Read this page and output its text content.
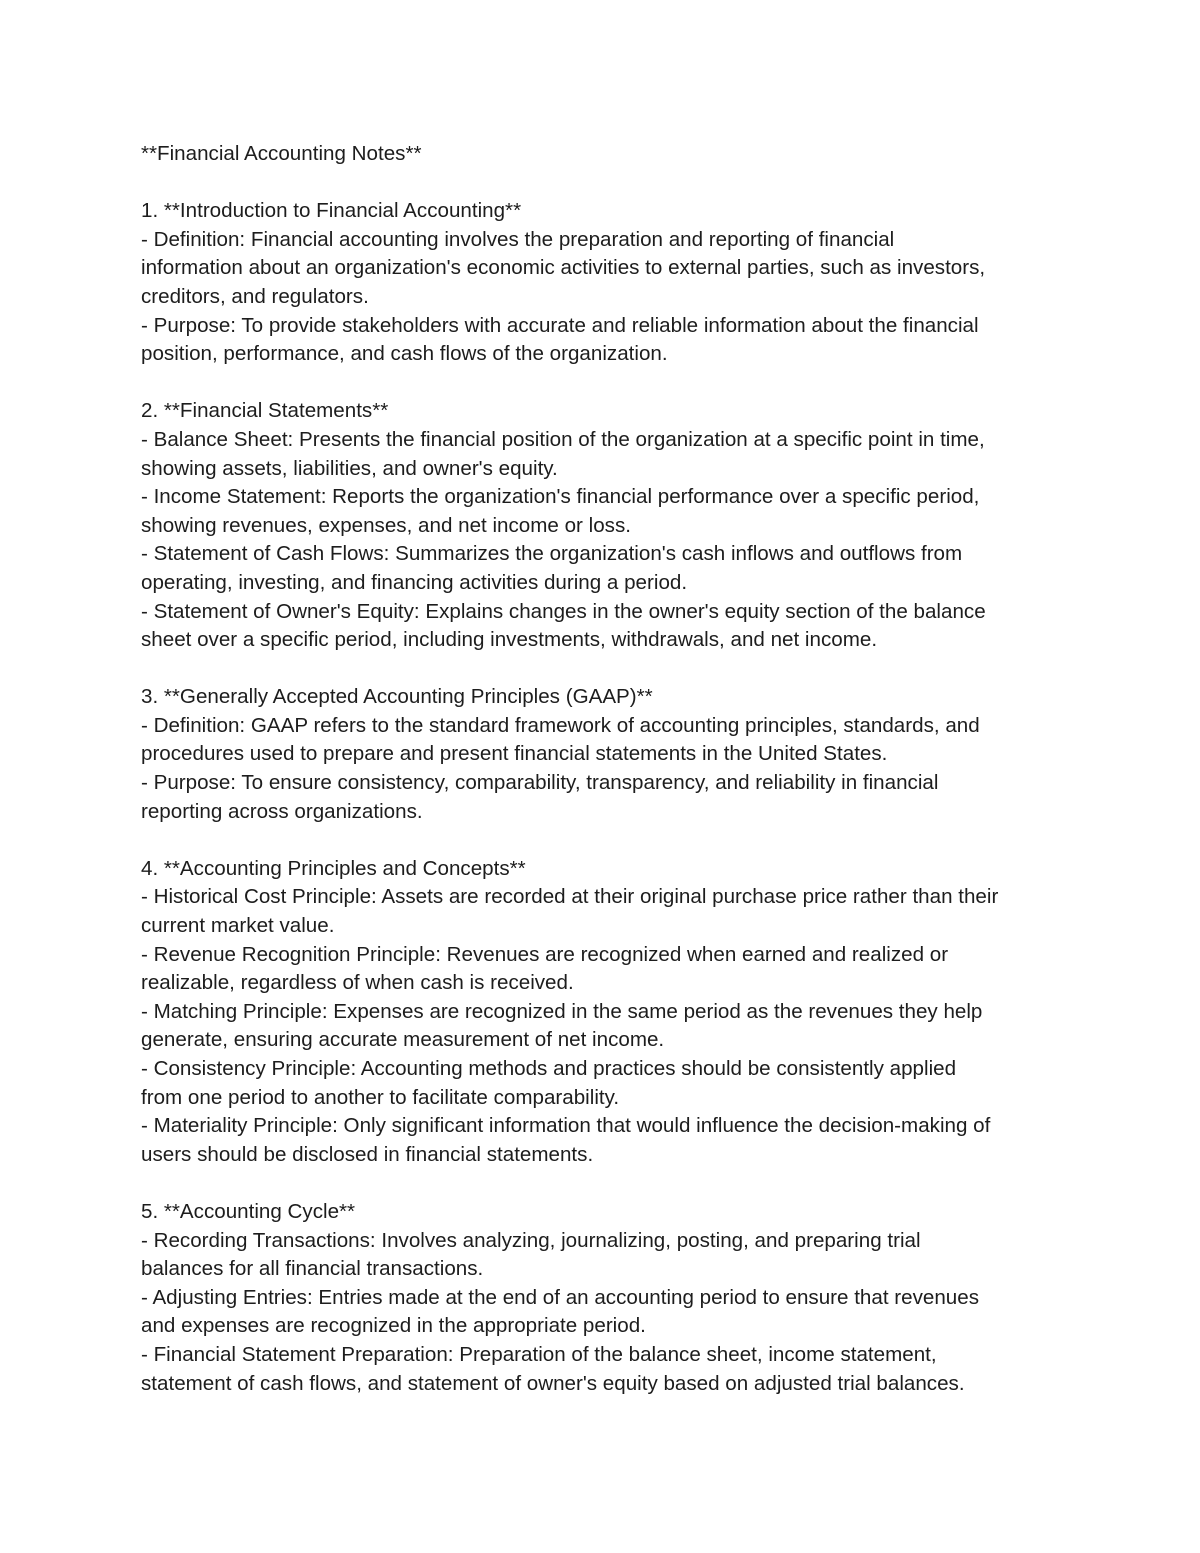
**Financial Accounting Notes**

1. **Introduction to Financial Accounting**

- Definition: Financial accounting involves the preparation and reporting of financial

information about an organization's economic activities to external parties, such as investors,

creditors, and regulators.

- Purpose: To provide stakeholders with accurate and reliable information about the financial

position, performance, and cash flows of the organization.

2. **Financial Statements**

- Balance Sheet: Presents the financial position of the organization at a specific point in time,

showing assets, liabilities, and owner's equity.

- Income Statement: Reports the organization's financial performance over a specific period,

showing revenues, expenses, and net income or loss.

- Statement of Cash Flows: Summarizes the organization's cash inflows and outflows from

operating, investing, and financing activities during a period.

- Statement of Owner's Equity: Explains changes in the owner's equity section of the balance

sheet over a specific period, including investments, withdrawals, and net income.

3. **Generally Accepted Accounting Principles (GAAP)**

- Definition: GAAP refers to the standard framework of accounting principles, standards, and

procedures used to prepare and present financial statements in the United States.

- Purpose: To ensure consistency, comparability, transparency, and reliability in financial

reporting across organizations.

4. **Accounting Principles and Concepts**

- Historical Cost Principle: Assets are recorded at their original purchase price rather than their

current market value.

- Revenue Recognition Principle: Revenues are recognized when earned and realized or

realizable, regardless of when cash is received.

- Matching Principle: Expenses are recognized in the same period as the revenues they help

generate, ensuring accurate measurement of net income.

- Consistency Principle: Accounting methods and practices should be consistently applied

from one period to another to facilitate comparability.

- Materiality Principle: Only significant information that would influence the decision-making of

users should be disclosed in financial statements.

5. **Accounting Cycle**

- Recording Transactions: Involves analyzing, journalizing, posting, and preparing trial

balances for all financial transactions.

- Adjusting Entries: Entries made at the end of an accounting period to ensure that revenues

and expenses are recognized in the appropriate period.

- Financial Statement Preparation: Preparation of the balance sheet, income statement,

statement of cash flows, and statement of owner's equity based on adjusted trial balances.
